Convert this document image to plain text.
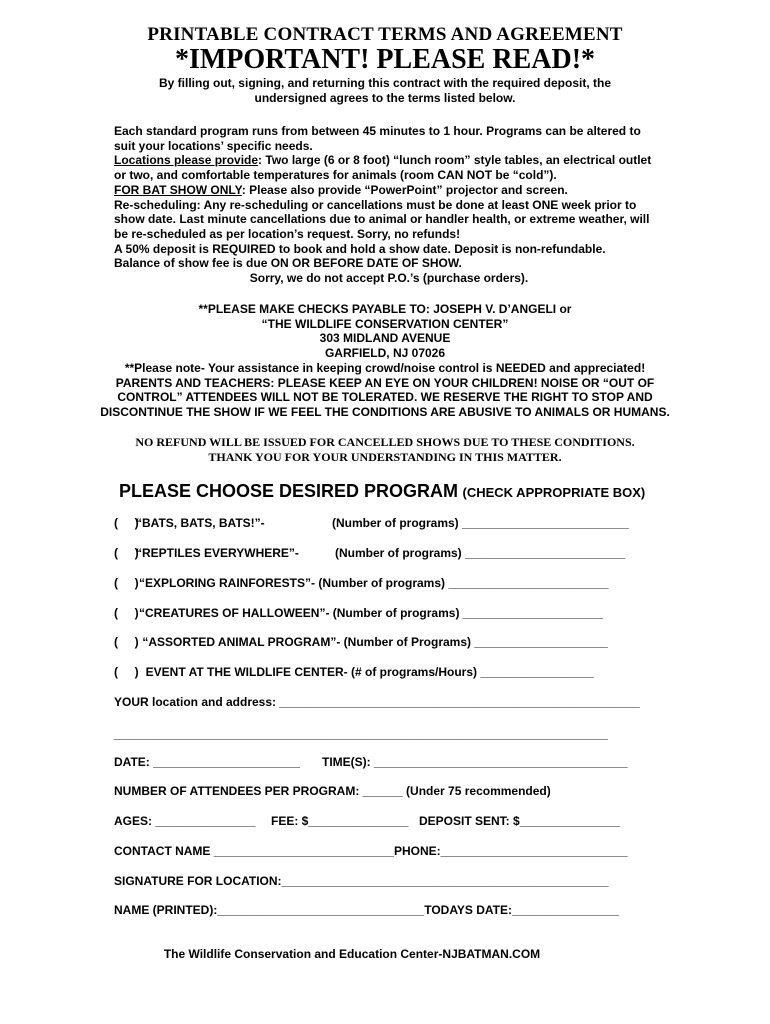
PRINTABLE CONTRACT TERMS AND AGREEMENT
*IMPORTANT! PLEASE READ!*
By filling out, signing, and returning this contract with the required deposit, the undersigned agrees to the terms listed below.

Each standard program runs from between 45 minutes to 1 hour. Programs can be altered to suit your locations’ specific needs.

Locations please provide: Two large (6 or 8 foot) “lunch room” style tables, an electrical outlet or two, and comfortable temperatures for animals (room CAN NOT be “cold”).

FOR BAT SHOW ONLY: Please also provide “PowerPoint” projector and screen.

Re-scheduling: Any re-scheduling or cancellations must be done at least ONE week prior to show date. Last minute cancellations due to animal or handler health, or extreme weather, will be re-scheduled as per location’s request. Sorry, no refunds!

A 50% deposit is REQUIRED to book and hold a show date. Deposit is non-refundable.

Balance of show fee is due ON OR BEFORE DATE OF SHOW.

Sorry, we do not accept P.O.’s (purchase orders).

**PLEASE MAKE CHECKS PAYABLE TO: JOSEPH V. D’ANGELI or

“THE WILDLIFE CONSERVATION CENTER”

303 MIDLAND AVENUE

GARFIELD, NJ 07026

**Please note- Your assistance in keeping crowd/noise control is NEEDED and appreciated! PARENTS AND TEACHERS: PLEASE KEEP AN EYE ON YOUR CHILDREN! NOISE OR “OUT OF CONTROL” ATTENDEES WILL NOT BE TOLERATED. WE RESERVE THE RIGHT TO STOP AND DISCONTINUE THE SHOW IF WE FEEL THE CONDITIONS ARE ABUSIVE TO ANIMALS OR HUMANS.

NO REFUND WILL BE ISSUED FOR CANCELLED SHOWS DUE TO THESE CONDITIONS.

THANK YOU FOR YOUR UNDERSTANDING IN THIS MATTER.

PLEASE CHOOSE DESIRED PROGRAM (CHECK APPROPRIATE BOX)
(     )
“BATS, BATS, BATS!”-	(Number of programs) _________________________
(     )
“REPTILES EVERYWHERE”-	(Number of programs) ________________________
(     ) “EXPLORING RAINFORESTS”- (Number of programs) ________________________
(     ) “CREATURES OF HALLOWEEN”- (Number of programs) _____________________
(     ) “ASSORTED ANIMAL PROGRAM”- (Number of Programs) ____________________
(     ) EVENT AT THE WILDLIFE CENTER- (# of programs/Hours) _________________
YOUR location and address: ______________________________________________________
__________________________________________________________________________
DATE: ______________________ TIME(S): ______________________________________
NUMBER OF ATTENDEES PER PROGRAM: ______ (Under 75 recommended)
AGES: _______________ FEE: $_______________ DEPOSIT SENT: $_______________
CONTACT NAME ___________________________PHONE:____________________________
SIGNATURE FOR LOCATION:_________________________________________________
NAME (PRINTED):_______________________________TODAYS DATE:________________
The Wildlife Conservation and Education Center-NJBATMAN.COM
